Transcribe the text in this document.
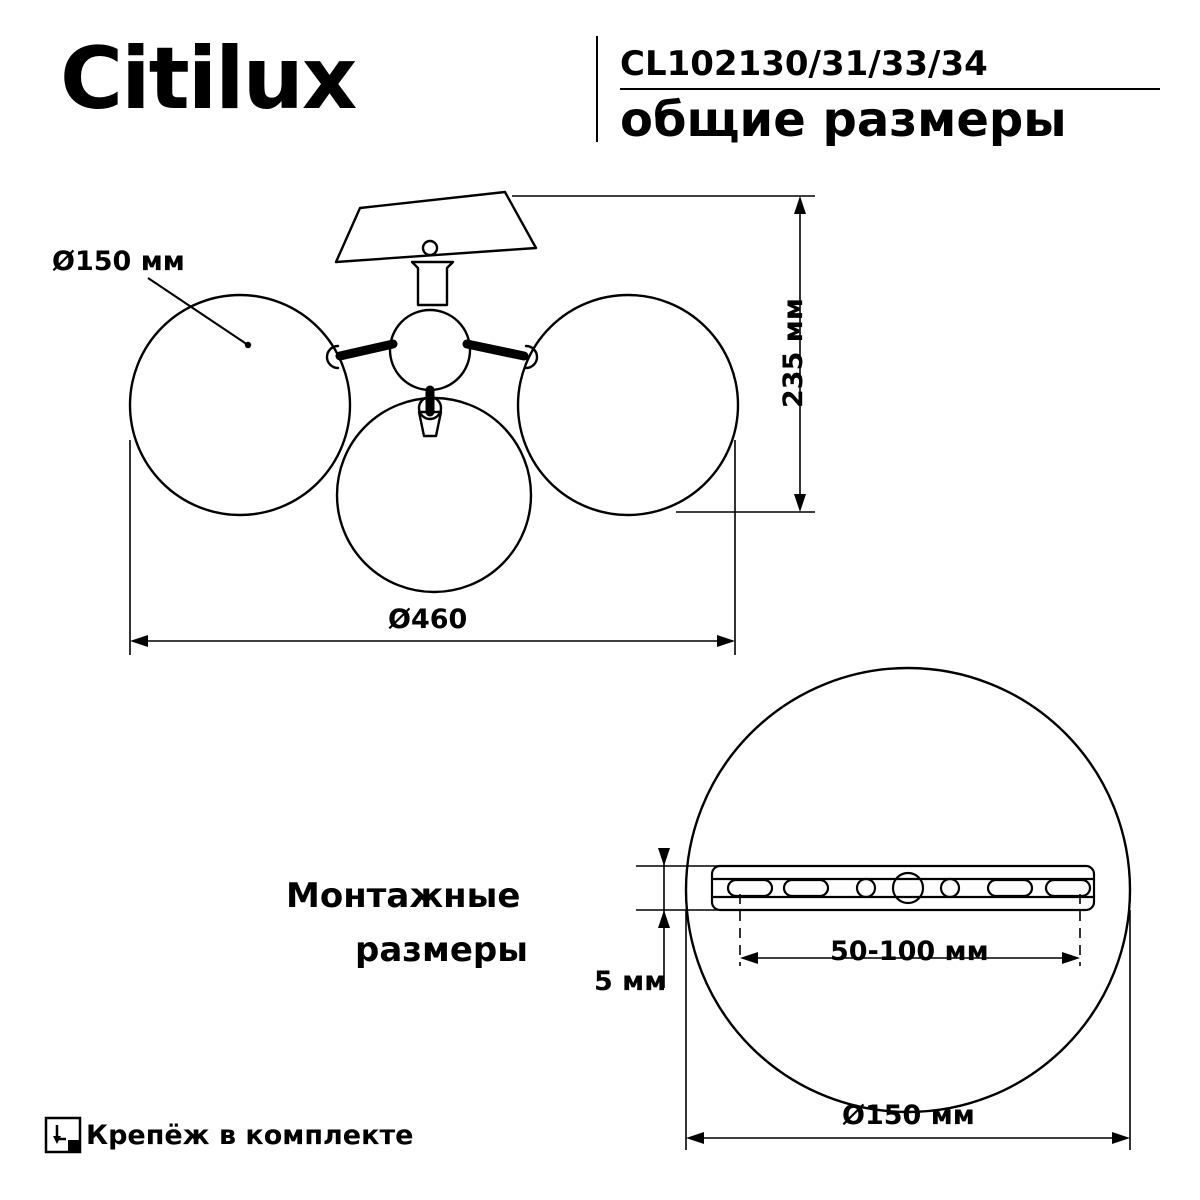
Citilux	CL102130/31/33/34
общие размеры
Ø150 мм
235 мм
Ø460
Монтажные
размеры
5 мм
50-100 мм
Ø150 мм
Крепёж в комплекте
